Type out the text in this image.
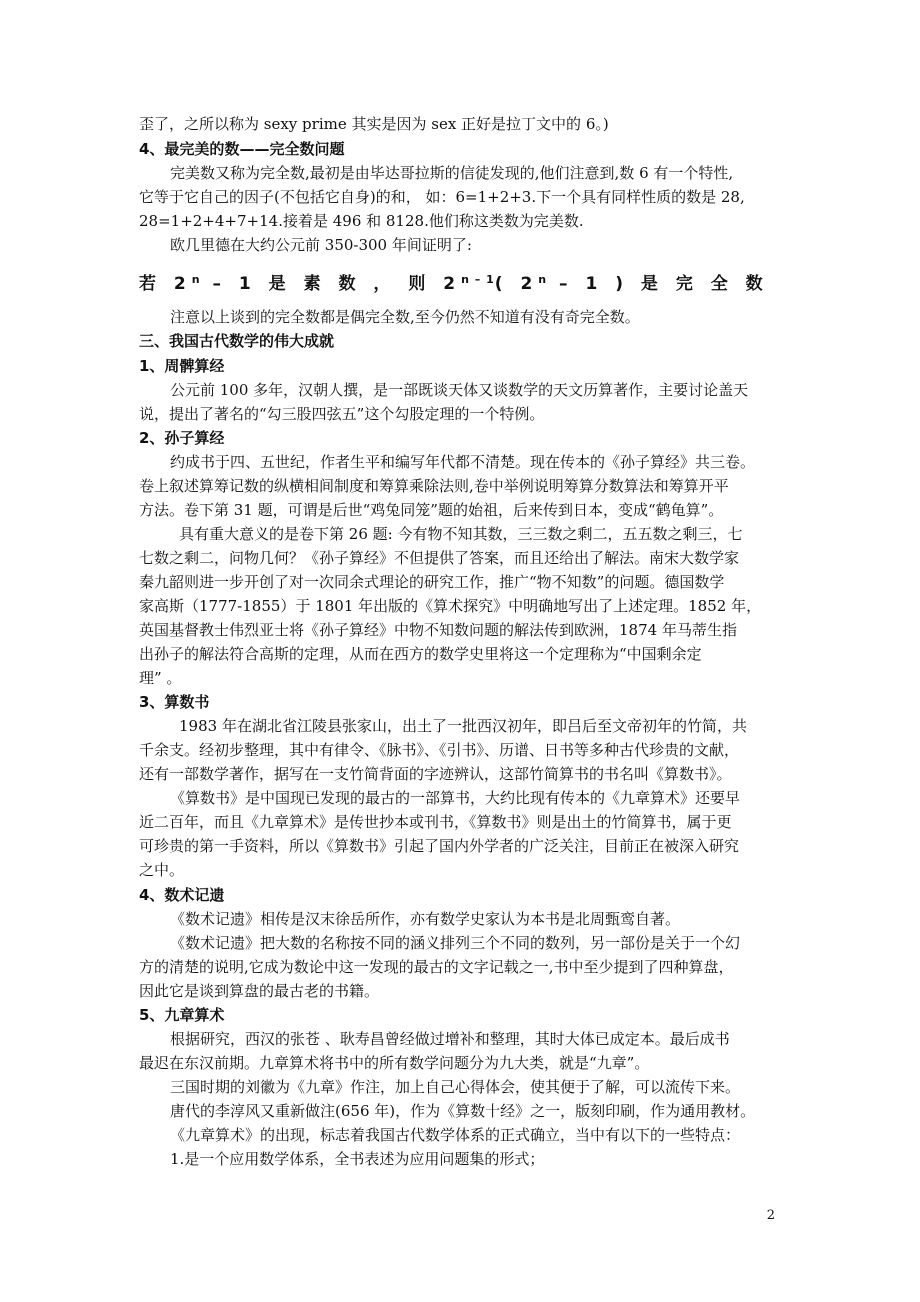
歪了，之所以称为 sexy prime 其实是因为 sex 正好是拉丁文中的 6。)
4、最完美的数——完全数问题
完美数又称为完全数,最初是由毕达哥拉斯的信徒发现的,他们注意到,数 6 有一个特性,
它等于它自己的因子(不包括它自身)的和， 如：6=1+2+3.下一个具有同样性质的数是 28,
28=1+2+4+7+14.接着是 496 和 8128.他们称这类数为完美数.
欧几里德在大约公元前 350-300 年间证明了:
若 2$^n$ – 1 是 素 数 ， 则 2$^{n - 1}$( 2$^n$ – 1 ) 是 完 全 数
注意以上谈到的完全数都是偶完全数,至今仍然不知道有没有奇完全数。
三、我国古代数学的伟大成就
1、周髀算经
公元前 100 多年，汉朝人撰，是一部既谈天体又谈数学的天文历算著作，主要讨论盖天
说，提出了著名的“勾三股四弦五”这个勾股定理的一个特例。
2、孙子算经
约成书于四、五世纪，作者生平和编写年代都不清楚。现在传本的《孙子算经》共三卷。
卷上叙述算筹记数的纵横相间制度和筹算乘除法则,卷中举例说明筹算分数算法和筹算开平
方法。卷下第 31 题，可谓是后世“鸡兔同笼”题的始祖，后来传到日本，变成“鹤龟算”。
具有重大意义的是卷下第 26 题: 今有物不知其数，三三数之剩二，五五数之剩三，七
七数之剩二，问物几何？《孙子算经》不但提供了答案，而且还给出了解法。南宋大数学家
秦九韶则进一步开创了对一次同余式理论的研究工作，推广“物不知数”的问题。德国数学
家高斯（1777-1855）于 1801 年出版的《算术探究》中明确地写出了上述定理。1852 年，
英国基督教士伟烈亚士将《孙子算经》中物不知数问题的解法传到欧洲，1874 年马蒂生指
出孙子的解法符合高斯的定理，从而在西方的数学史里将这一个定理称为“中国剩余定
理” 。
3、算数书
1983 年在湖北省江陵县张家山，出土了一批西汉初年，即吕后至文帝初年的竹简，共
千余支。经初步整理，其中有律令、《脉书》、《引书》、历谱、日书等多种古代珍贵的文献，
还有一部数学著作，据写在一支竹简背面的字迹辨认，这部竹简算书的书名叫《算数书》。
《算数书》是中国现已发现的最古的一部算书，大约比现有传本的《九章算术》还要早
近二百年，而且《九章算术》是传世抄本或刊书，《算数书》则是出土的竹简算书，属于更
可珍贵的第一手资料，所以《算数书》引起了国内外学者的广泛关注，目前正在被深入研究
之中。
4、数术记遗
《数术记遗》相传是汉末徐岳所作，亦有数学史家认为本书是北周甄鸾自著。
《数术记遗》把大数的名称按不同的涵义排列三个不同的数列，另一部份是关于一个幻
方的清楚的说明,它成为数论中这一发现的最古的文字记载之一,书中至少提到了四种算盘，
因此它是谈到算盘的最古老的书籍。
5、九章算术
根据研究，西汉的张苍 、耿寿昌曾经做过增补和整理，其时大体已成定本。最后成书
最迟在东汉前期。九章算术将书中的所有数学问题分为九大类，就是“九章”。
三国时期的刘徽为《九章》作注，加上自己心得体会，使其便于了解，可以流传下来。
唐代的李淳风又重新做注(656 年)，作为《算数十经》之一，版刻印刷，作为通用教材。
《九章算术》的出现，标志着我国古代数学体系的正式确立，当中有以下的一些特点：
1.是一个应用数学体系，全书表述为应用问题集的形式；
2
